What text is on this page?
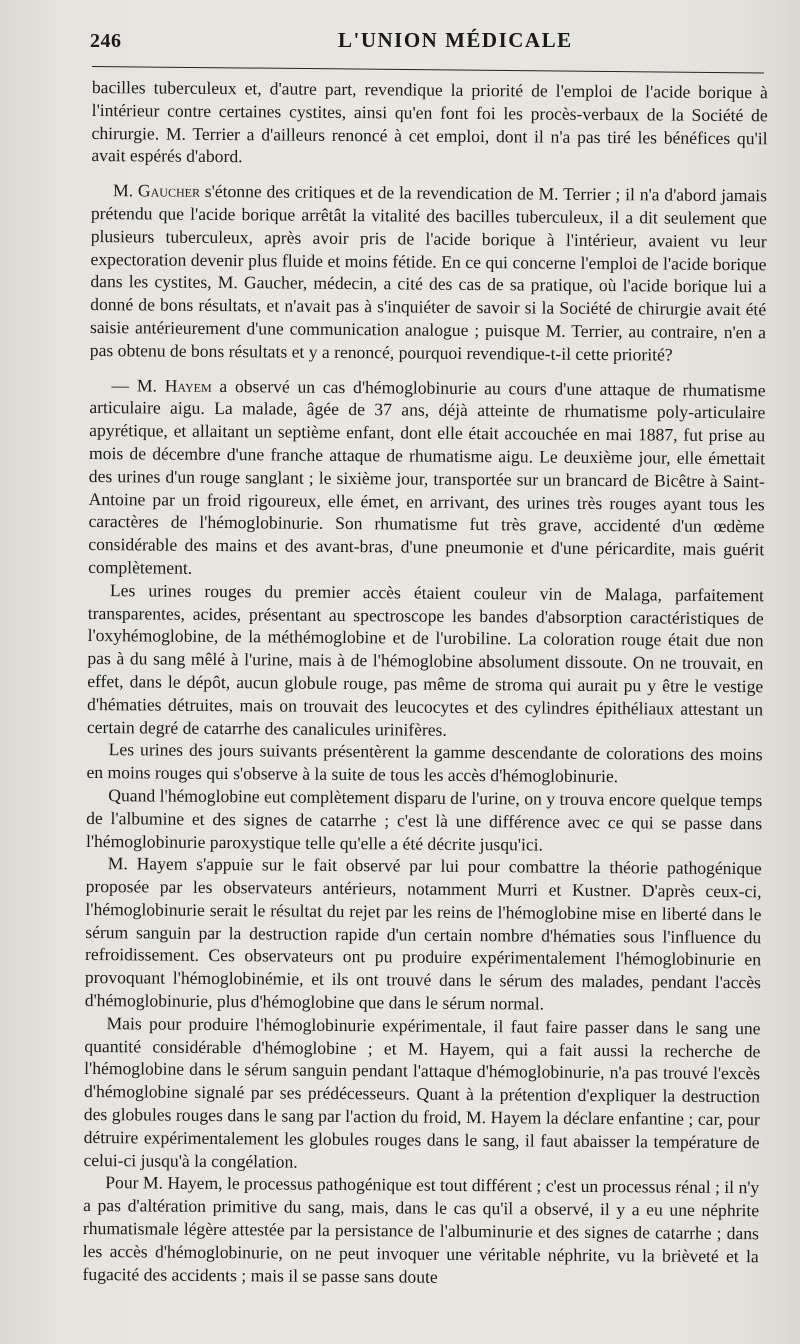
246	L'UNION MÉDICALE

bacilles tuberculeux et, d'autre part, revendique la priorité de l'emploi de l'acide borique à l'intérieur contre certaines cystites, ainsi qu'en font foi les procès-verbaux de la Société de chirurgie. M. Terrier a d'ailleurs renoncé à cet emploi, dont il n'a pas tiré les bénéfices qu'il avait espérés d'abord.

M. Gaucher s'étonne des critiques et de la revendication de M. Terrier ; il n'a d'abord jamais prétendu que l'acide borique arrêtât la vitalité des bacilles tuberculeux, il a dit seulement que plusieurs tuberculeux, après avoir pris de l'acide borique à l'intérieur, avaient vu leur expectoration devenir plus fluide et moins fétide. En ce qui concerne l'emploi de l'acide borique dans les cystites, M. Gaucher, médecin, a cité des cas de sa pratique, où l'acide borique lui a donné de bons résultats, et n'avait pas à s'inquiéter de savoir si la Société de chirurgie avait été saisie antérieurement d'une communication analogue ; puisque M. Terrier, au contraire, n'en a pas obtenu de bons résultats et y a renoncé, pourquoi revendique-t-il cette priorité?

— M. Hayem a observé un cas d'hémoglobinurie au cours d'une attaque de rhumatisme articulaire aigu. La malade, âgée de 37 ans, déjà atteinte de rhumatisme poly-articulaire apyrétique, et allaitant un septième enfant, dont elle était accouchée en mai 1887, fut prise au mois de décembre d'une franche attaque de rhumatisme aigu. Le deuxième jour, elle émettait des urines d'un rouge sanglant ; le sixième jour, transportée sur un brancard de Bicêtre à Saint-Antoine par un froid rigoureux, elle émet, en arrivant, des urines très rouges ayant tous les caractères de l'hémoglobinurie. Son rhumatisme fut très grave, accidenté d'un œdème considérable des mains et des avant-bras, d'une pneumonie et d'une péricardite, mais guérit complètement.

Les urines rouges du premier accès étaient couleur vin de Malaga, parfaitement transparentes, acides, présentant au spectroscope les bandes d'absorption caractéristiques de l'oxyhémoglobine, de la méthémoglobine et de l'urobiline. La coloration rouge était due non pas à du sang mêlé à l'urine, mais à de l'hémoglobine absolument dissoute. On ne trouvait, en effet, dans le dépôt, aucun globule rouge, pas même de stroma qui aurait pu y être le vestige d'hématies détruites, mais on trouvait des leucocytes et des cylindres épithéliaux attestant un certain degré de catarrhe des canalicules urinifères.

Les urines des jours suivants présentèrent la gamme descendante de colorations des moins en moins rouges qui s'observe à la suite de tous les accès d'hémoglobinurie.

Quand l'hémoglobine eut complètement disparu de l'urine, on y trouva encore quelque temps de l'albumine et des signes de catarrhe ; c'est là une différence avec ce qui se passe dans l'hémoglobinurie paroxystique telle qu'elle a été décrite jusqu'ici.

M. Hayem s'appuie sur le fait observé par lui pour combattre la théorie pathogénique proposée par les observateurs antérieurs, notamment Murri et Kustner. D'après ceux-ci, l'hémoglobinurie serait le résultat du rejet par les reins de l'hémoglobine mise en liberté dans le sérum sanguin par la destruction rapide d'un certain nombre d'hématies sous l'influence du refroidissement. Ces observateurs ont pu produire expérimentalement l'hémoglobinurie en provoquant l'hémoglobinémie, et ils ont trouvé dans le sérum des malades, pendant l'accès d'hémoglobinurie, plus d'hémoglobine que dans le sérum normal.

Mais pour produire l'hémoglobinurie expérimentale, il faut faire passer dans le sang une quantité considérable d'hémoglobine ; et M. Hayem, qui a fait aussi la recherche de l'hémoglobine dans le sérum sanguin pendant l'attaque d'hémoglobinurie, n'a pas trouvé l'excès d'hémoglobine signalé par ses prédécesseurs. Quant à la prétention d'expliquer la destruction des globules rouges dans le sang par l'action du froid, M. Hayem la déclare enfantine ; car, pour détruire expérimentalement les globules rouges dans le sang, il faut abaisser la température de celui-ci jusqu'à la congélation.

Pour M. Hayem, le processus pathogénique est tout différent ; c'est un processus rénal ; il n'y a pas d'altération primitive du sang, mais, dans le cas qu'il a observé, il y a eu une néphrite rhumatismale légère attestée par la persistance de l'albuminurie et des signes de catarrhe ; dans les accès d'hémoglobinurie, on ne peut invoquer une véritable néphrite, vu la brièveté et la fugacité des accidents ; mais il se passe sans doute
